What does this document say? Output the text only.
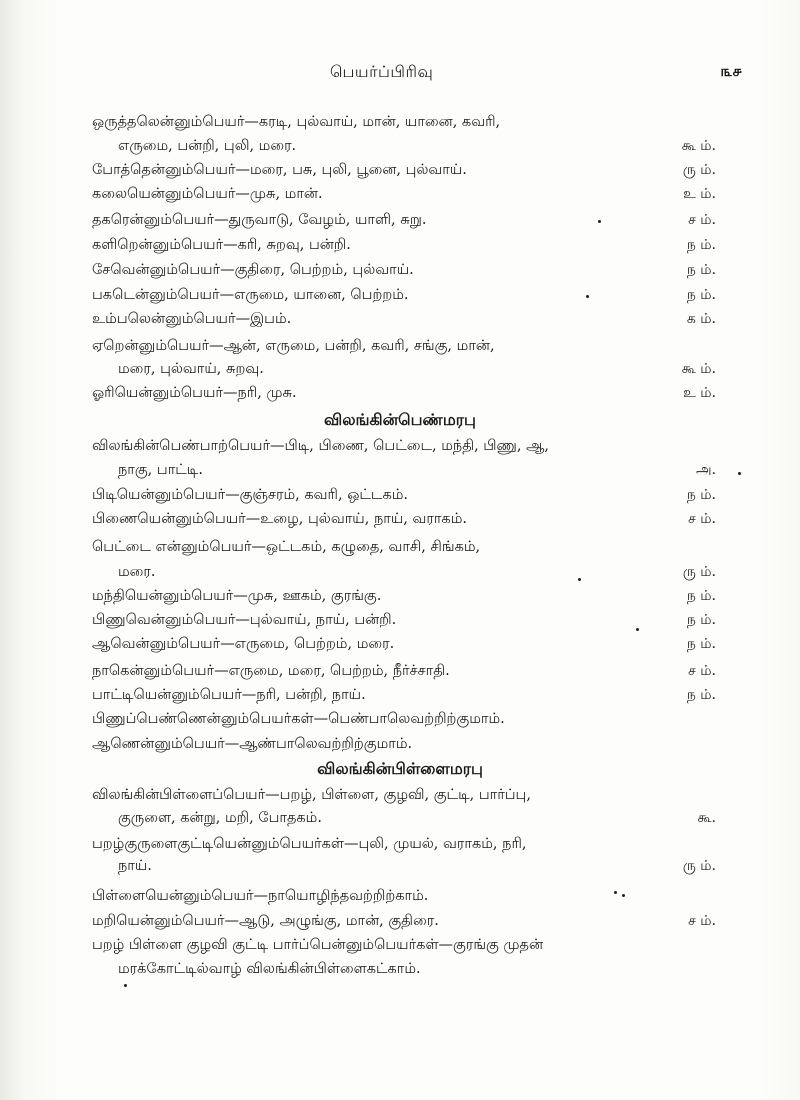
பெயர்ப்பிரிவு	௩௪
ஒருத்தலென்னும்பெயர்—கரடி, புல்வாய், மான், யானை, கவரி,
எருமை, பன்றி, புலி, மரை.	கூ ம்.
போத்தென்னும்பெயர்—மரை, பசு, புலி, பூனை, புல்வாய்.	ரு ம்.
கலையென்னும்பெயர்—முசு, மான்.	உ ம்.
தகரென்னும்பெயர்—துருவாடு, வேழம், யாளி, சுறு.	ச ம்.
களிறென்னும்பெயர்—கரி, சுறவு, பன்றி.	ந ம்.
சேவென்னும்பெயர்—குதிரை, பெற்றம், புல்வாய்.	ந ம்.
பகடென்னும்பெயர்—எருமை, யானை, பெற்றம்.	ந ம்.
உம்பலென்னும்பெயர்—இபம்.	க ம்.
ஏறென்னும்பெயர்—ஆன், எருமை, பன்றி, கவரி, சங்கு, மான்,
மரை, புல்வாய், சுறவு.	கூ ம்.
ஓரியென்னும்பெயர்—நரி, முசு.	உ ம்.
விலங்கின்பெண்மரபு
விலங்கின்பெண்பாற்பெயர்—பிடி, பிணை, பெட்டை, மந்தி, பிணு, ஆ,
நாகு, பாட்டி.	அ.
பிடியென்னும்பெயர்—குஞ்சரம், கவரி, ஒட்டகம்.	ந ம்.
பிணையென்னும்பெயர்—உழை, புல்வாய், நாய், வராகம்.	ச ம்.
பெட்டை என்னும்பெயர்—ஒட்டகம், கழுதை, வாசி, சிங்கம்,
மரை.	ரு ம்.
மந்தியென்னும்பெயர்—முசு, ஊகம், குரங்கு.	ந ம்.
பிணுவென்னும்பெயர்—புல்வாய், நாய், பன்றி.	ந ம்.
ஆவென்னும்பெயர்—எருமை, பெற்றம், மரை.	ந ம்.
நாகென்னும்பெயர்—எருமை, மரை, பெற்றம், நீர்ச்சாதி.	ச ம்.
பாட்டியென்னும்பெயர்—நரி, பன்றி, நாய்.	ந ம்.
பிணுப்பெண்ணென்னும்பெயர்கள்—பெண்பாலெவற்றிற்குமாம்.
ஆணென்னும்பெயர்—ஆண்பாலெவற்றிற்குமாம்.
விலங்கின்பிள்ளைமரபு
விலங்கின்பிள்ளைப்பெயர்—பறழ், பிள்ளை, குழவி, குட்டி, பார்ப்பு,
குருளை, கன்று, மறி, போதகம்.	கூ.
பறழ்குருளைகுட்டியென்னும்பெயர்கள்—புலி, முயல், வராகம், நரி,
நாய்.	ரு ம்.
பிள்ளையென்னும்பெயர்—நாயொழிந்தவற்றிற்காம்.
மறியென்னும்பெயர்—ஆடு, அழுங்கு, மான், குதிரை.	ச ம்.
பறழ் பிள்ளை குழவி குட்டி பார்ப்பென்னும்பெயர்கள்—குரங்கு முதன்
மரக்கோட்டில்வாழ் விலங்கின்பிள்ளைகட்காம்.
